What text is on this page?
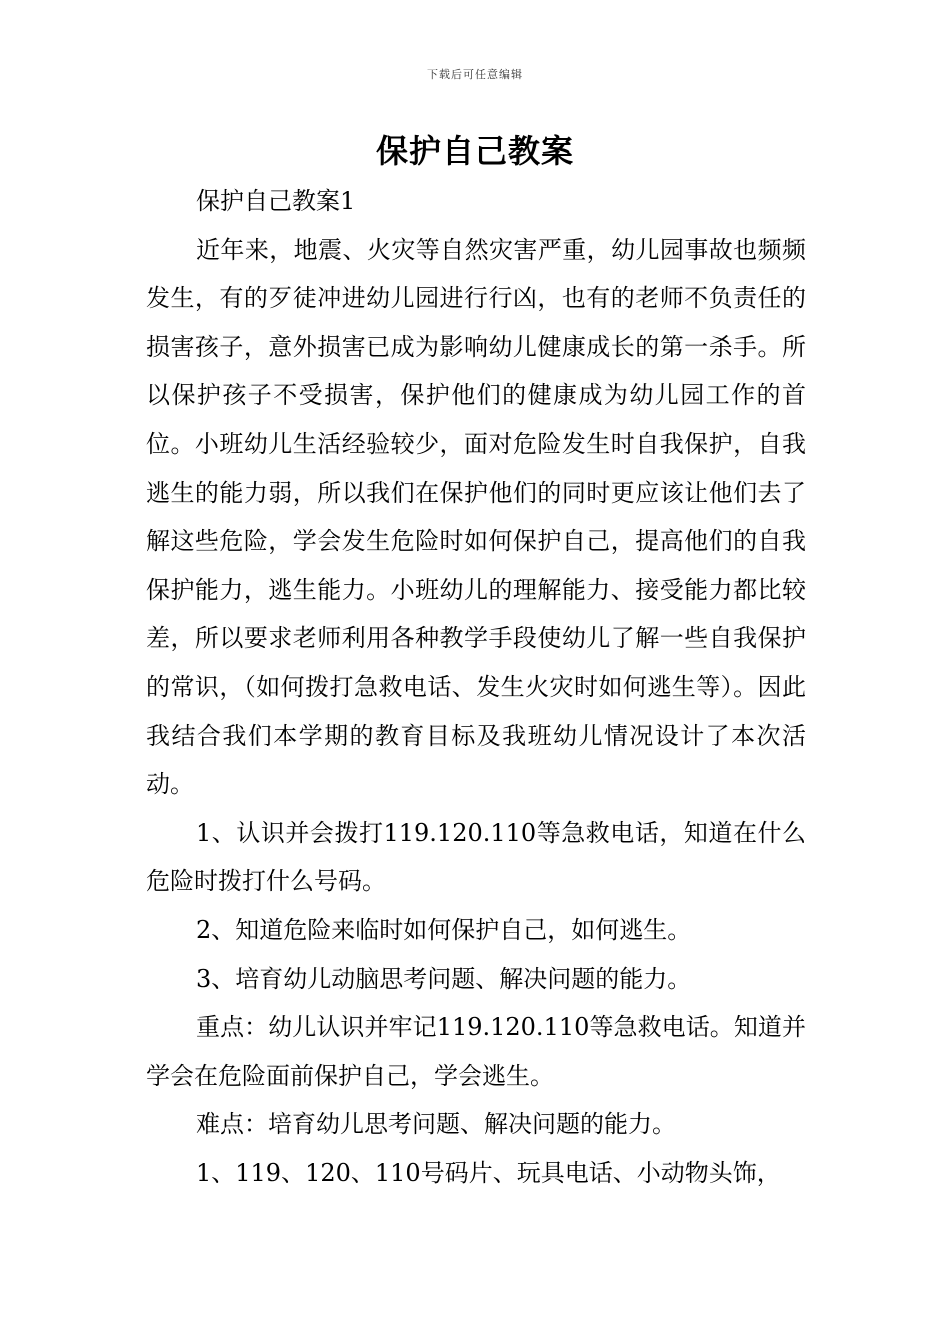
下载后可任意编辑
保护自己教案

保护自己教案1

近年来，地震、火灾等自然灾害严重，幼儿园事故也频频发生，有的歹徒冲进幼儿园进行行凶，也有的老师不负责任的损害孩子，意外损害已成为影响幼儿健康成长的第一杀手。所以保护孩子不受损害，保护他们的健康成为幼儿园工作的首位。小班幼儿生活经验较少，面对危险发生时自我保护，自我逃生的能力弱，所以我们在保护他们的同时更应该让他们去了解这些危险，学会发生危险时如何保护自己，提高他们的自我保护能力，逃生能力。小班幼儿的理解能力、接受能力都比较差，所以要求老师利用各种教学手段使幼儿了解一些自我保护的常识，（如何拨打急救电话、发生火灾时如何逃生等）。因此我结合我们本学期的教育目标及我班幼儿情况设计了本次活动。

1、认识并会拨打119.120.110等急救电话，知道在什么危险时拨打什么号码。

2、知道危险来临时如何保护自己，如何逃生。

3、培育幼儿动脑思考问题、解决问题的能力。

重点：幼儿认识并牢记119.120.110等急救电话。知道并学会在危险面前保护自己，学会逃生。

难点：培育幼儿思考问题、解决问题的能力。

1、119、120、110号码片、玩具电话、小动物头饰，
